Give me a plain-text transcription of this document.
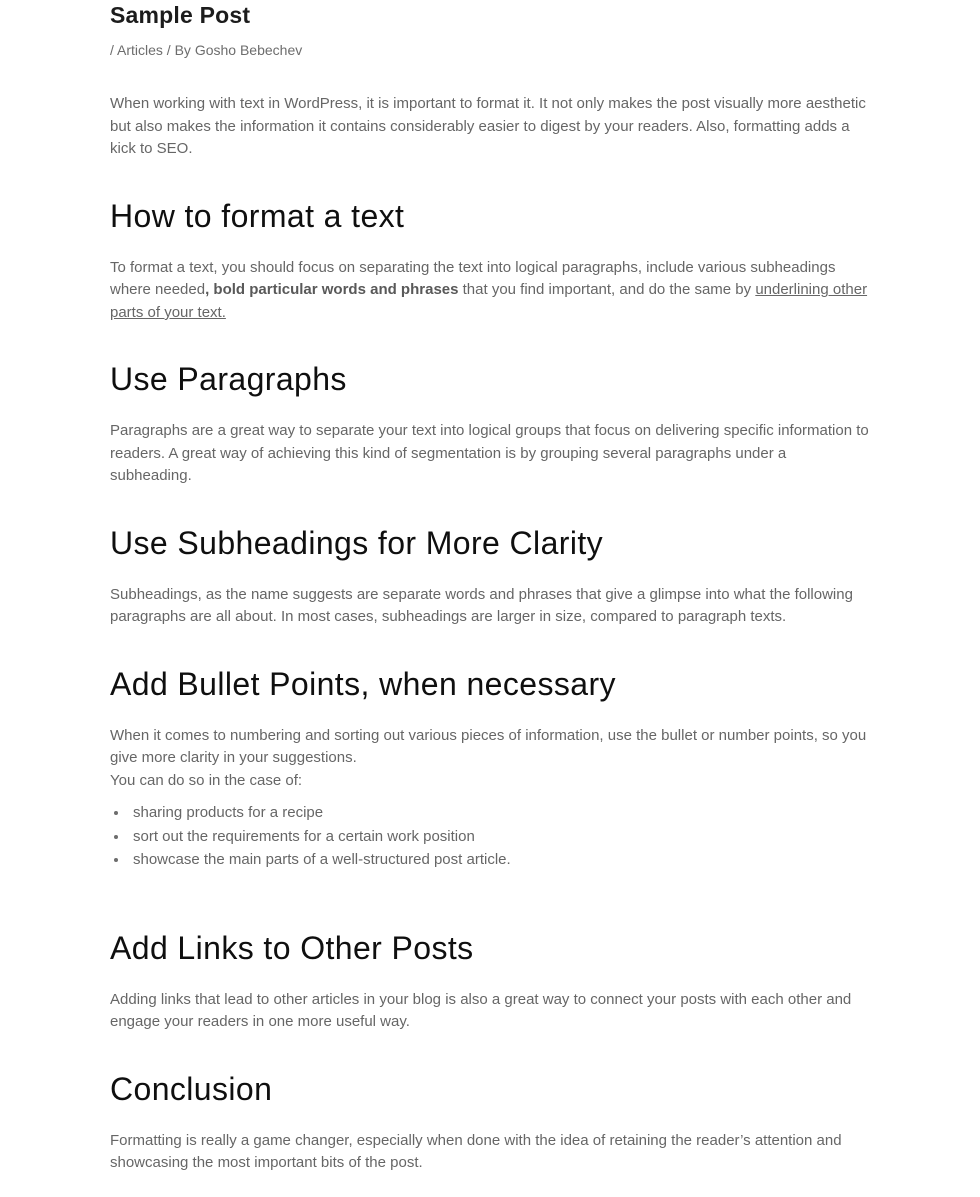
Sample Post
/ Articles / By Gosho Bebechev

When working with text in WordPress, it is important to format it. It not only makes the post visually more aesthetic but also makes the information it contains considerably easier to digest by your readers. Also, formatting adds a kick to SEO.

How to format a text

To format a text, you should focus on separating the text into logical paragraphs, include various subheadings where needed, bold particular words and phrases that you find important, and do the same by underlining other parts of your text.

Use Paragraphs

Paragraphs are a great way to separate your text into logical groups that focus on delivering specific information to readers. A great way of achieving this kind of segmentation is by grouping several paragraphs under a subheading.

Use Subheadings for More Clarity

Subheadings, as the name suggests are separate words and phrases that give a glimpse into what the following paragraphs are all about. In most cases, subheadings are larger in size, compared to paragraph texts.

Add Bullet Points, when necessary

When it comes to numbering and sorting out various pieces of information, use the bullet or number points, so you give more clarity in your suggestions.

You can do so in the case of:

• sharing products for a recipe
• sort out the requirements for a certain work position
• showcase the main parts of a well-structured post article.
Add Links to Other Posts

Adding links that lead to other articles in your blog is also a great way to connect your posts with each other and engage your readers in one more useful way.

Conclusion

Formatting is really a game changer, especially when done with the idea of retaining the reader’s attention and showcasing the most important bits of the post.
